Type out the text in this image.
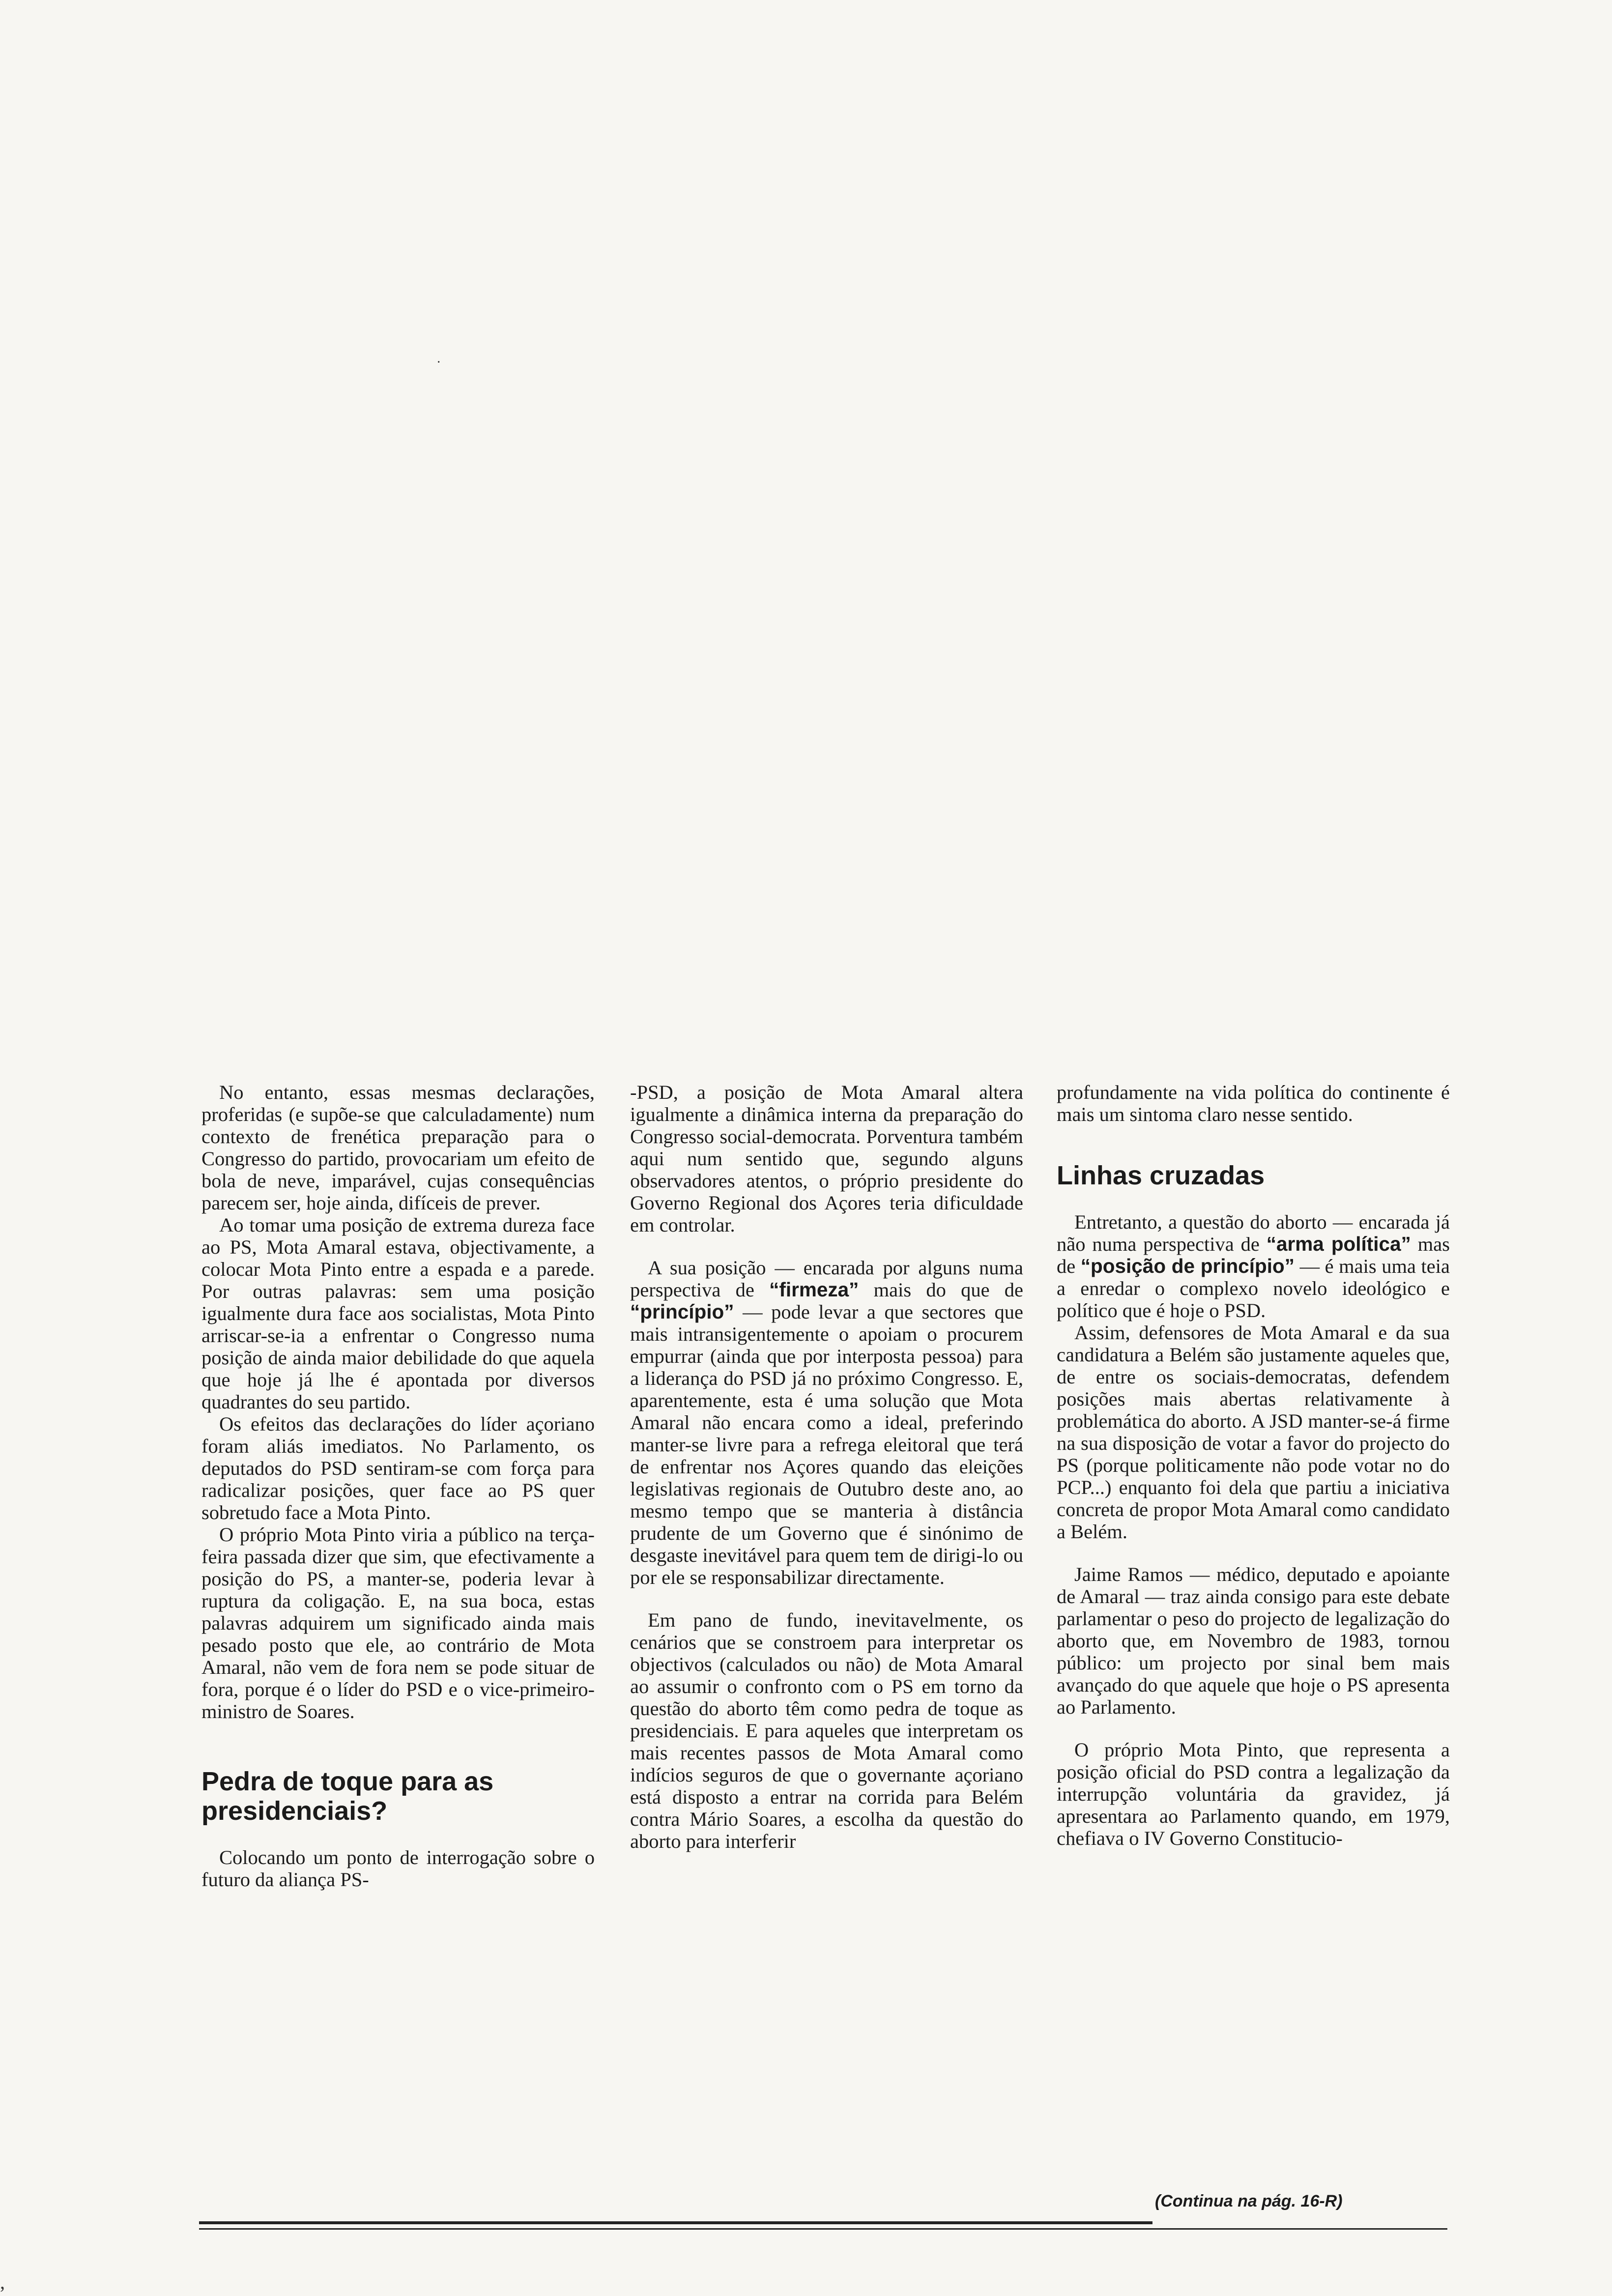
·
,

No entanto, essas mesmas declarações, proferidas (e supõe-se que calculadamente) num contexto de frenética preparação para o Congresso do partido, provocariam um efeito de bola de neve, imparável, cujas consequências parecem ser, hoje ainda, difíceis de prever.

Ao tomar uma posição de extrema dureza face ao PS, Mota Amaral estava, objectivamente, a colocar Mota Pinto entre a espada e a parede. Por outras palavras: sem uma posição igualmente dura face aos socialistas, Mota Pinto arriscar-se-ia a enfrentar o Congresso numa posição de ainda maior debilidade do que aquela que hoje já lhe é apontada por diversos quadrantes do seu partido.

Os efeitos das declarações do líder açoriano foram aliás imediatos. No Parlamento, os deputados do PSD sentiram-se com força para radicalizar posições, quer face ao PS quer sobretudo face a Mota Pinto.

O próprio Mota Pinto viria a público na terça-feira passada dizer que sim, que efectivamente a posição do PS, a manter-se, poderia levar à ruptura da coligação. E, na sua boca, estas palavras adquirem um significado ainda mais pesado posto que ele, ao contrário de Mota Amaral, não vem de fora nem se pode situar de fora, porque é o líder do PSD e o vice-primeiro-ministro de Soares.

Pedra de toque para as presidenciais?

Colocando um ponto de interrogação sobre o futuro da aliança PS-

-PSD, a posição de Mota Amaral altera igualmente a dinâmica interna da preparação do Congresso social-democrata. Porventura também aqui num sentido que, segundo alguns observadores atentos, o próprio presidente do Governo Regional dos Açores teria dificuldade em controlar.

A sua posição — encarada por alguns numa perspectiva de “firmeza” mais do que de “princípio” — pode levar a que sectores que mais intransigentemente o apoiam o procurem empurrar (ainda que por interposta pessoa) para a liderança do PSD já no próximo Congresso. E, aparentemente, esta é uma solução que Mota Amaral não encara como a ideal, preferindo manter-se livre para a refrega eleitoral que terá de enfrentar nos Açores quando das eleições legislativas regionais de Outubro deste ano, ao mesmo tempo que se manteria à distância prudente de um Governo que é sinónimo de desgaste inevitável para quem tem de dirigi-lo ou por ele se responsabilizar directamente.

Em pano de fundo, inevitavelmente, os cenários que se constroem para interpretar os objectivos (calculados ou não) de Mota Amaral ao assumir o confronto com o PS em torno da questão do aborto têm como pedra de toque as presidenciais. E para aqueles que interpretam os mais recentes passos de Mota Amaral como indícios seguros de que o governante açoriano está disposto a entrar na corrida para Belém contra Mário Soares, a escolha da questão do aborto para interferir

profundamente na vida política do continente é mais um sintoma claro nesse sentido.

Linhas cruzadas

Entretanto, a questão do aborto — encarada já não numa perspectiva de “arma política” mas de “posição de princípio” — é mais uma teia a enredar o complexo novelo ideológico e político que é hoje o PSD.

Assim, defensores de Mota Amaral e da sua candidatura a Belém são justamente aqueles que, de entre os sociais-democratas, defendem posições mais abertas relativamente à problemática do aborto. A JSD manter-se-á firme na sua disposição de votar a favor do projecto do PS (porque politicamente não pode votar no do PCP...) enquanto foi dela que partiu a iniciativa concreta de propor Mota Amaral como candidato a Belém.

Jaime Ramos — médico, deputado e apoiante de Amaral — traz ainda consigo para este debate parlamentar o peso do projecto de legalização do aborto que, em Novembro de 1983, tornou público: um projecto por sinal bem mais avançado do que aquele que hoje o PS apresenta ao Parlamento.

O próprio Mota Pinto, que representa a posição oficial do PSD contra a legalização da interrupção voluntária da gravidez, já apresentara ao Parlamento quando, em 1979, chefiava o IV Governo Constitucio-

(Continua na pág. 16-R)
